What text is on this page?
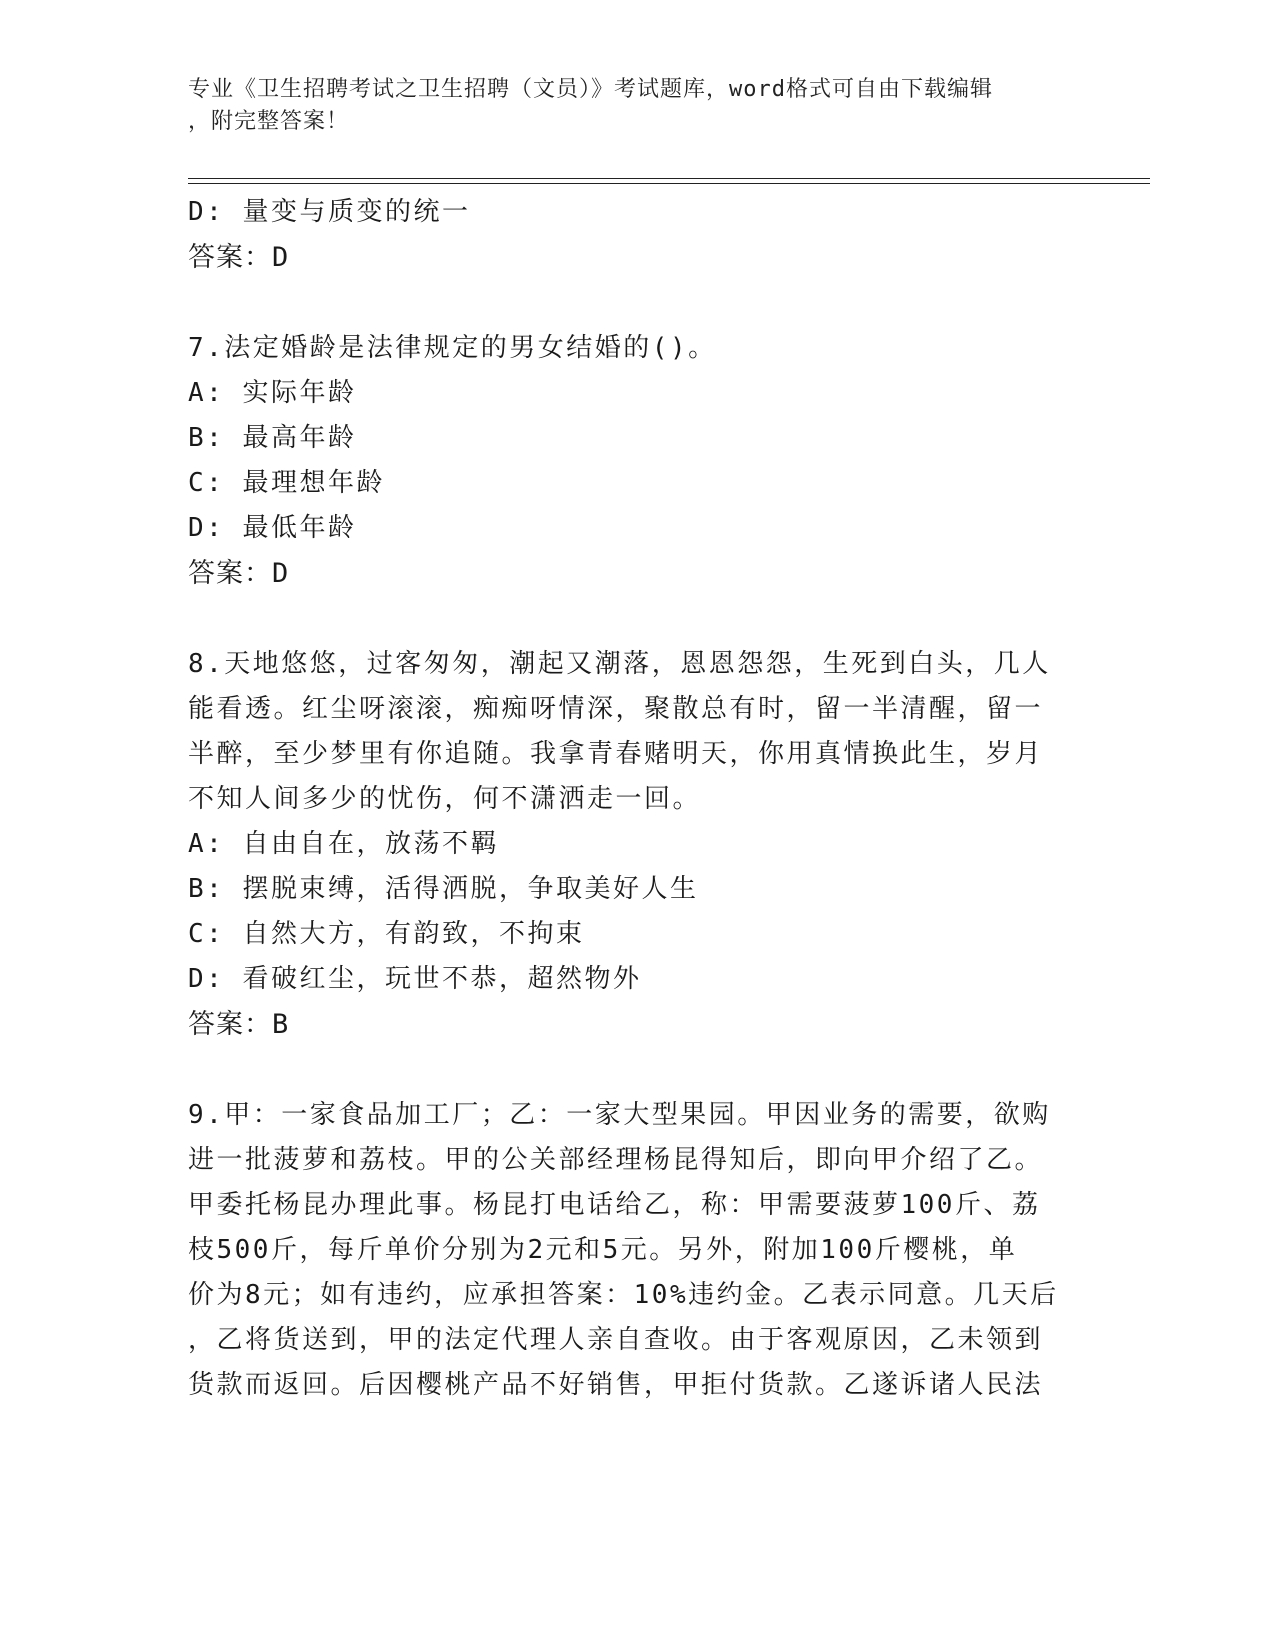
专业《卫生招聘考试之卫生招聘（文员）》考试题库，word格式可自由下载编辑
，附完整答案！
D: 量变与质变的统一
答案：D
7.法定婚龄是法律规定的男女结婚的()。
A: 实际年龄
B: 最高年龄
C: 最理想年龄
D: 最低年龄
答案：D
8.天地悠悠，过客匆匆，潮起又潮落，恩恩怨怨，生死到白头，几人
能看透。红尘呀滚滚，痴痴呀情深，聚散总有时，留一半清醒，留一
半醉，至少梦里有你追随。我拿青春赌明天，你用真情换此生，岁月
不知人间多少的忧伤，何不潇洒走一回。
A: 自由自在，放荡不羁
B: 摆脱束缚，活得洒脱，争取美好人生
C: 自然大方，有韵致，不拘束
D: 看破红尘，玩世不恭，超然物外
答案：B
9.甲：一家食品加工厂；乙：一家大型果园。甲因业务的需要，欲购
进一批菠萝和荔枝。甲的公关部经理杨昆得知后，即向甲介绍了乙。
甲委托杨昆办理此事。杨昆打电话给乙，称：甲需要菠萝100斤、荔
枝500斤，每斤单价分别为2元和5元。另外，附加100斤樱桃，单
价为8元；如有违约，应承担答案：10%违约金。乙表示同意。几天后
，乙将货送到，甲的法定代理人亲自查收。由于客观原因，乙未领到
货款而返回。后因樱桃产品不好销售，甲拒付货款。乙遂诉诸人民法
